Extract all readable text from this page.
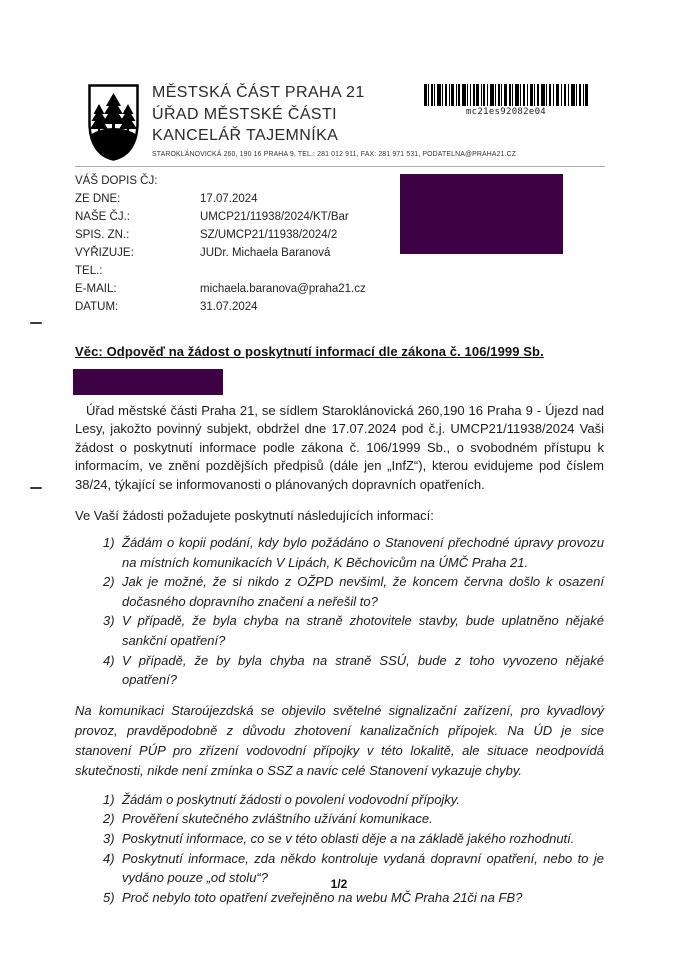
MĚSTSKÁ ČÁST PRAHA 21
ÚŘAD MĚSTSKÉ ČÁSTI
KANCELÁŘ TAJEMNÍKA
STAROKLÁNOVICKÁ 260, 190 16 PRAHA 9, TEL.: 281 012 911, FAX: 281 971 531, PODATELNA@PRAHA21.CZ
mc21es92082e04
VÁŠ DOPIS ČJ:
ZE DNE:	17.07.2024
NAŠE ČJ.:	UMCP21/11938/2024/KT/Bar
SPIS. ZN.:	SZ/UMCP21/11938/2024/2
VYŘIZUJE:	JUDr. Michaela Baranová
TEL.:
E-MAIL:	michaela.baranova@praha21.cz
DATUM:	31.07.2024
Věc: Odpověď na žádost o poskytnutí informací dle zákona č. 106/1999 Sb.

Úřad městské části Praha 21, se sídlem Staroklánovická 260,190 16 Praha 9 - Újezd nad Lesy, jakožto povinný subjekt, obdržel dne 17.07.2024 pod č.j. UMCP21/11938/2024 Vaši žádost o poskytnutí informace podle zákona č. 106/1999 Sb., o svobodném přístupu k informacím, ve znění pozdějších předpisů (dále jen „InfZ“), kterou evidujeme pod číslem 38/24, týkající se informovanosti o plánovaných dopravních opatřeních.

Ve Vaší žádosti požadujete poskytnutí následujících informací:

Žádám o kopii podání, kdy bylo požádáno o Stanovení přechodné úpravy provozu na místních komunikacích V Lipách, K Běchovicům na ÚMČ Praha 21.
Jak je možné, že si nikdo z OŽPD nevšiml, že koncem června došlo k osazení dočasného dopravního značení a neřešil to?
V případě, že byla chyba na straně zhotovitele stavby, bude uplatněno nějaké sankční opatření?
V případě, že by byla chyba na straně SSÚ, bude z toho vyvozeno nějaké opatření?

Na komunikaci Staroújezdská se objevilo světelné signalizační zařízení, pro kyvadlový provoz, pravděpodobně z důvodu zhotovení kanalizačních přípojek. Na ÚD je sice stanovení PÚP pro zřízení vodovodní přípojky v této lokalitě, ale situace neodpovídá skutečnosti, nikde není zmínka o SSZ a navíc celé Stanovení vykazuje chyby.

Žádám o poskytnutí žádosti o povolení vodovodní přípojky.
Prověření skutečného zvláštního užívání komunikace.
Poskytnutí informace, co se v této oblasti děje a na základě jakého rozhodnutí.
Poskytnutí informace, zda někdo kontroluje vydaná dopravní opatření, nebo to je vydáno pouze „od stolu“?
Proč nebylo toto opatření zveřejněno na webu MČ Praha 21či na FB?
1/2
